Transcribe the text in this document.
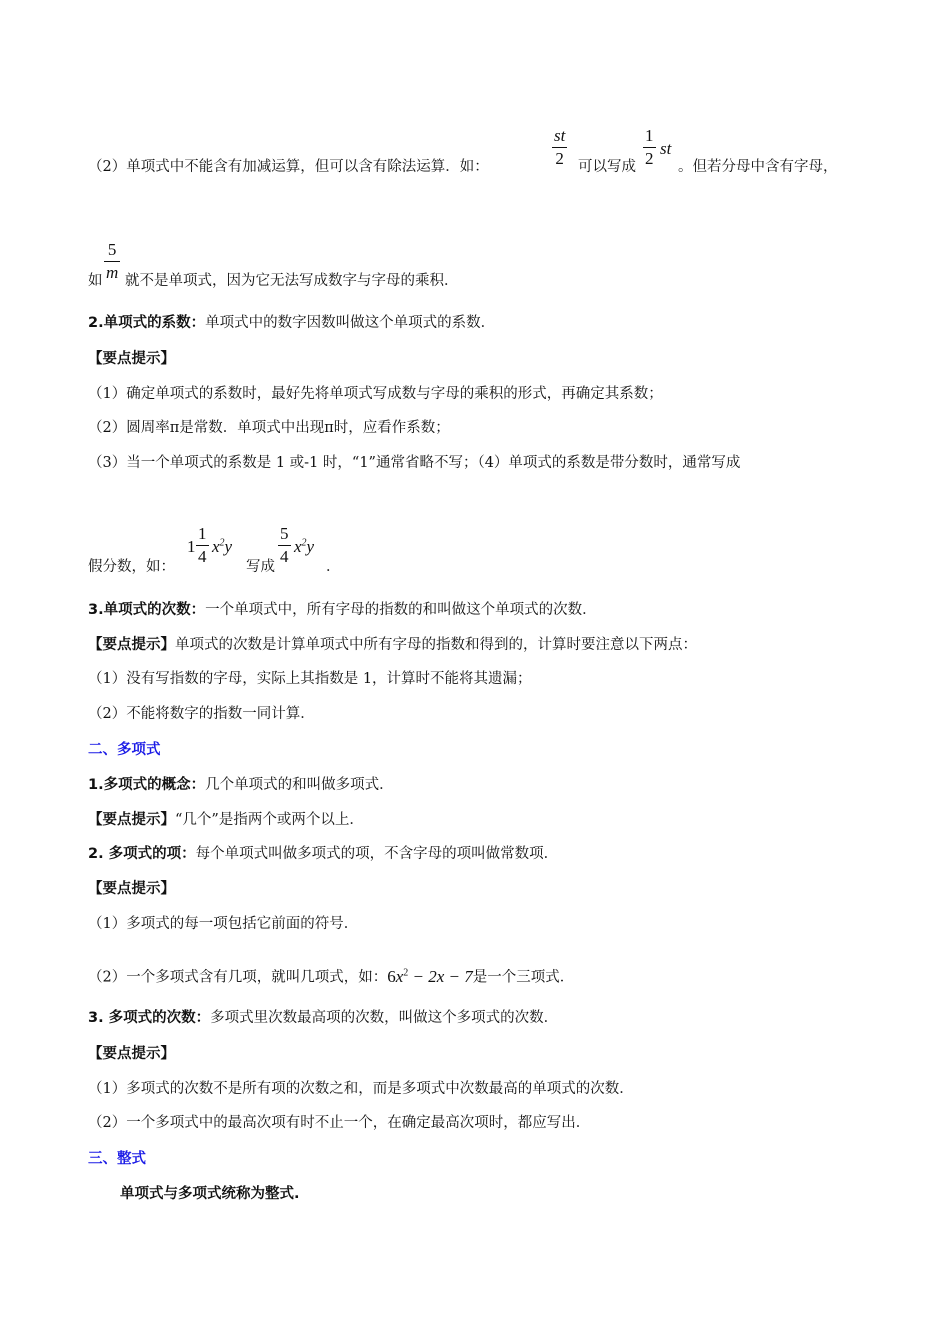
（2）单项式中不能含有加减运算，但可以含有除法运算．如：
st
2 可以写成
1
2
st
。但若分母中含有字母，
5
m
如 就不是单项式，因为它无法写成数字与字母的乘积．
2.单项式的系数：单项式中的数字因数叫做这个单项式的系数．
【要点提示】
（1）确定单项式的系数时，最好先将单项式写成数与字母的乘积的形式，再确定其系数；
（2）圆周率π是常数．单项式中出现π时，应看作系数；
（3）当一个单项式的系数是 1 或-1 时，“1”通常省略不写；（4）单项式的系数是带分数时，通常写成
假分数，如：
1
1
4
$x^2y$
写成
5
4
$x^2y$
．
3.单项式的次数：一个单项式中，所有字母的指数的和叫做这个单项式的次数．
【要点提示】单项式的次数是计算单项式中所有字母的指数和得到的，计算时要注意以下两点：
（1）没有写指数的字母，实际上其指数是 1，计算时不能将其遗漏；
（2）不能将数字的指数一同计算．
二、多项式
1.多项式的概念：几个单项式的和叫做多项式．
【要点提示】“几个”是指两个或两个以上．
2. 多项式的项：每个单项式叫做多项式的项，不含字母的项叫做常数项．
【要点提示】
（1）多项式的每一项包括它前面的符号．
（2）一个多项式含有几项，就叫几项式，如：$6x^2 - 2x - 7$是一个三项式．
3. 多项式的次数：多项式里次数最高项的次数，叫做这个多项式的次数．
【要点提示】
（1）多项式的次数不是所有项的次数之和，而是多项式中次数最高的单项式的次数．
（2）一个多项式中的最高次项有时不止一个，在确定最高次项时，都应写出．
三、整式
单项式与多项式统称为整式.
